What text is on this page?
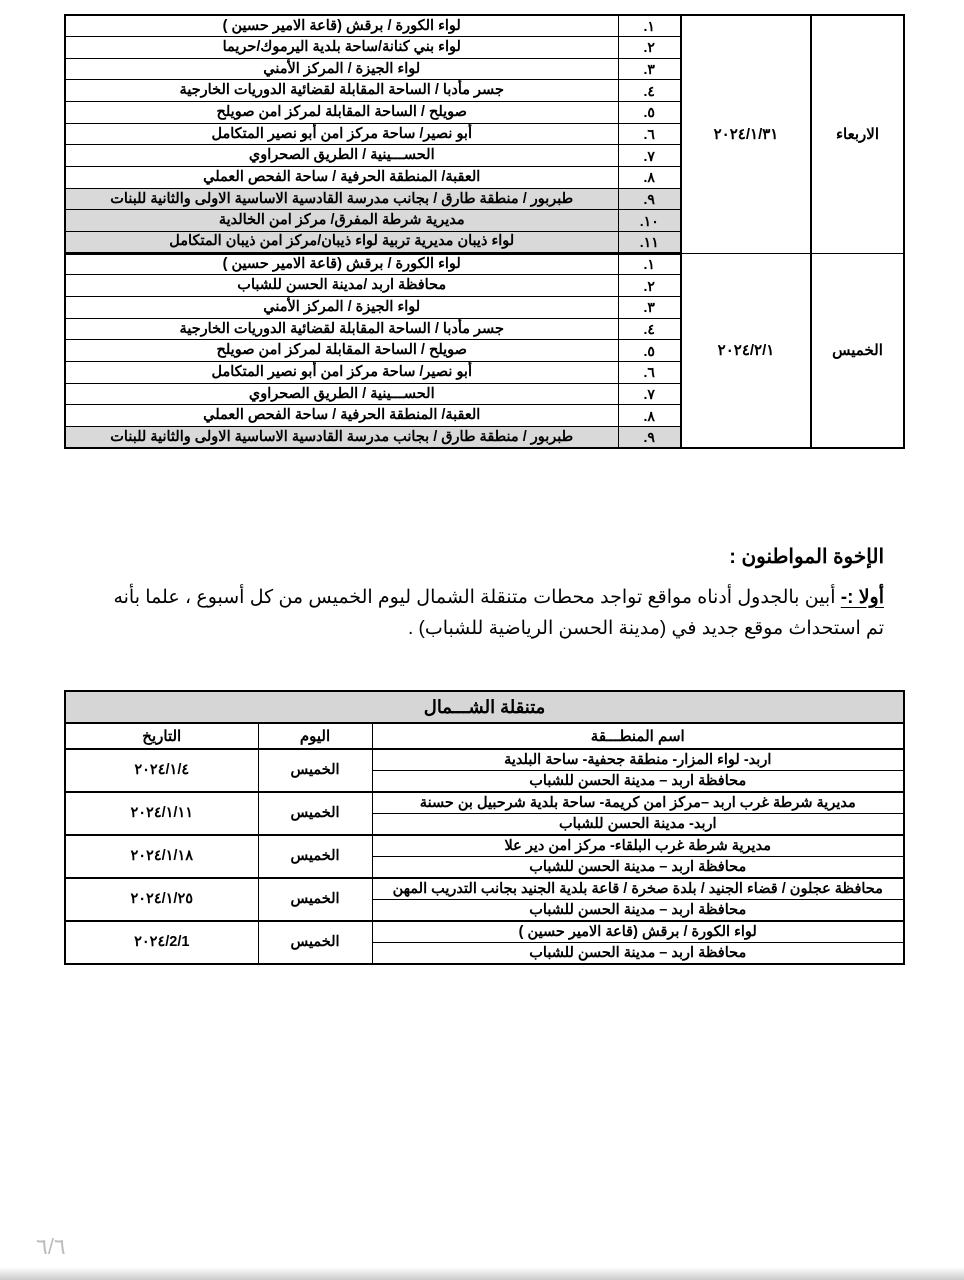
لواء الكورة / برقش (قاعة الامير حسين )	١.	٢٠٢٤/١/٣١	الاربعاء
لواء بني كنانة/ساحة بلدية اليرموك/حريما	٢.		
لواء الجيزة / المركز الأمني	٣.		
جسر مأدبا / الساحة المقابلة لقضائية الدوريات الخارجية	٤.		
صويلح / الساحة المقابلة لمركز امن صويلح	٥.		
أبو نصير/ ساحة مركز امن أبو نصير المتكامل	٦.		
الحســـينية / الطريق الصحراوي	٧.		
العقبة/ المنطقة الحرفية / ساحة الفحص العملي	٨.		
طبربور / منطقة طارق / بجانب مدرسة القادسية الاساسية الاولى والثانية للبنات	٩.		
مديرية شرطة المفرق/ مركز امن الخالدية	١٠.		
لواء ذيبان مديرية تربية لواء ذيبان/مركز امن ذيبان المتكامل	١١.		
لواء الكورة / برقش (قاعة الامير حسين )	١.	٢٠٢٤/٢/١	الخميس
محافظة اربد /مدينة الحسن للشباب	٢.		
لواء الجيزة / المركز الأمني	٣.		
جسر مأدبا / الساحة المقابلة لقضائية الدوريات الخارجية	٤.		
صويلح / الساحة المقابلة لمركز امن صويلح	٥.		
أبو نصير/ ساحة مركز امن أبو نصير المتكامل	٦.		
الحســـينية / الطريق الصحراوي	٧.		
العقبة/ المنطقة الحرفية / ساحة الفحص العملي	٨.		
طبربور / منطقة طارق / بجانب مدرسة القادسية الاساسية الاولى والثانية للبنات	٩.		
الإخوة المواطنون :
أولا :- أبين بالجدول أدناه مواقع تواجد محطات متنقلة الشمال ليوم الخميس من كل أسبوع ، علما بأنه
تم استحداث موقع جديد في (مدينة الحسن الرياضية للشباب) .
متنقلة الشـــمال		
التاريخ	اليوم	اسم المنطـــقة
٢٠٢٤/١/٤	الخميس	اربد- لواء المزار- منطقة جحفية- ساحة البلدية
		محافظة اربد – مدينة الحسن للشباب
٢٠٢٤/١/١١	الخميس	مديرية شرطة غرب اربد –مركز امن كريمة- ساحة بلدية شرحبيل بن حسنة
		اربد- مدينة الحسن للشباب
٢٠٢٤/١/١٨	الخميس	مديرية شرطة غرب البلقاء- مركز امن دير علا
		محافظة اربد – مدينة الحسن للشباب
٢٠٢٤/١/٢٥	الخميس	محافظة عجلون / قضاء الجنيد / بلدة صخرة / قاعة بلدية الجنيد بجانب التدريب المهن
		محافظة اربد – مدينة الحسن للشباب
٢٠٢٤/2/1	الخميس	لواء الكورة / برقش (قاعة الامير حسين )
		محافظة اربد – مدينة الحسن للشباب
٦/٦
